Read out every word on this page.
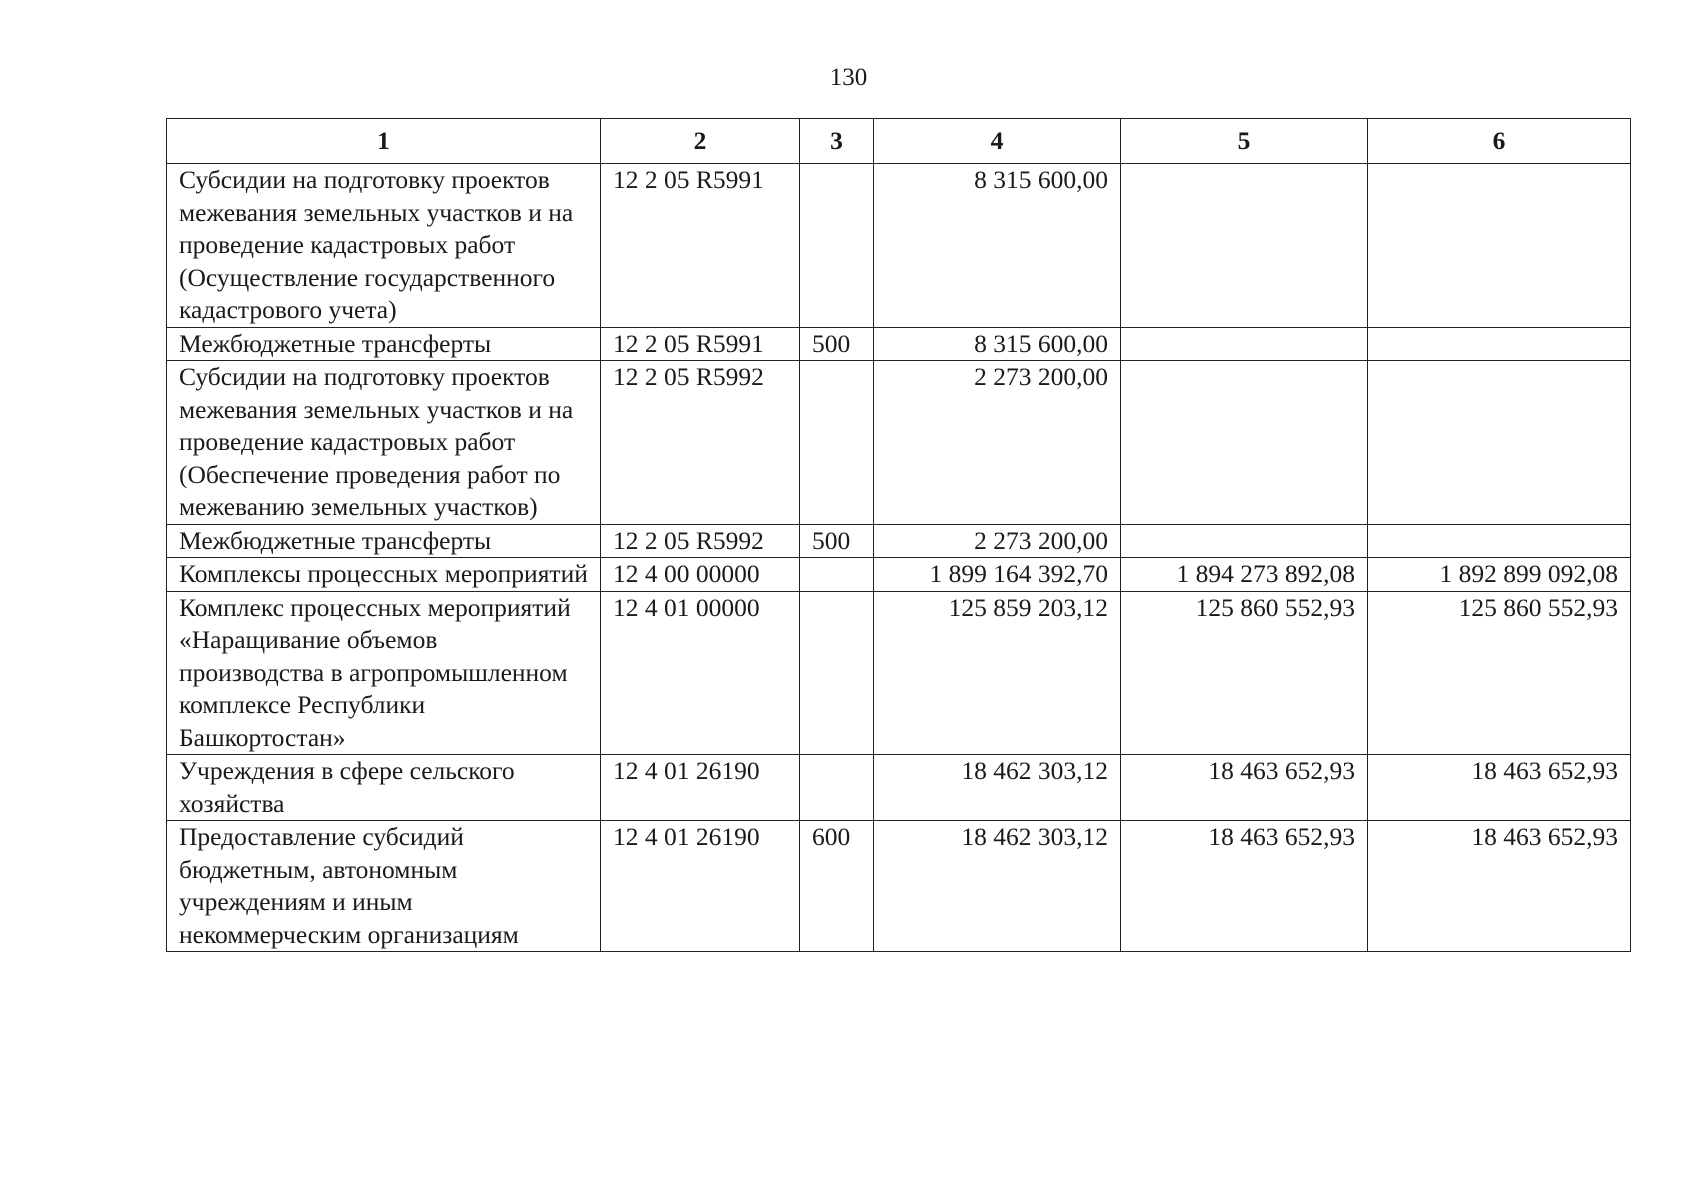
130
1	2	3	4	5	6
Субсидии на подготовку проектов межевания земельных участков и на проведение кадастровых работ (Осуществление государственного кадастрового учета)	12 2 05 R5991		8 315 600,00		
Межбюджетные трансферты	12 2 05 R5991	500	8 315 600,00		
Субсидии на подготовку проектов межевания земельных участков и на проведение кадастровых работ (Обеспечение проведения работ по межеванию земельных участков)	12 2 05 R5992		2 273 200,00		
Межбюджетные трансферты	12 2 05 R5992	500	2 273 200,00		
Комплексы процессных мероприятий	12 4 00 00000		1 899 164 392,70	1 894 273 892,08	1 892 899 092,08
Комплекс процессных мероприятий «Наращивание объемов производства в агропромышленном комплексе Республики Башкортостан»	12 4 01 00000		125 859 203,12	125 860 552,93	125 860 552,93
Учреждения в сфере сельского хозяйства	12 4 01 26190		18 462 303,12	18 463 652,93	18 463 652,93
Предоставление субсидий бюджетным, автономным учреждениям и иным некоммерческим организациям	12 4 01 26190	600	18 462 303,12	18 463 652,93	18 463 652,93
